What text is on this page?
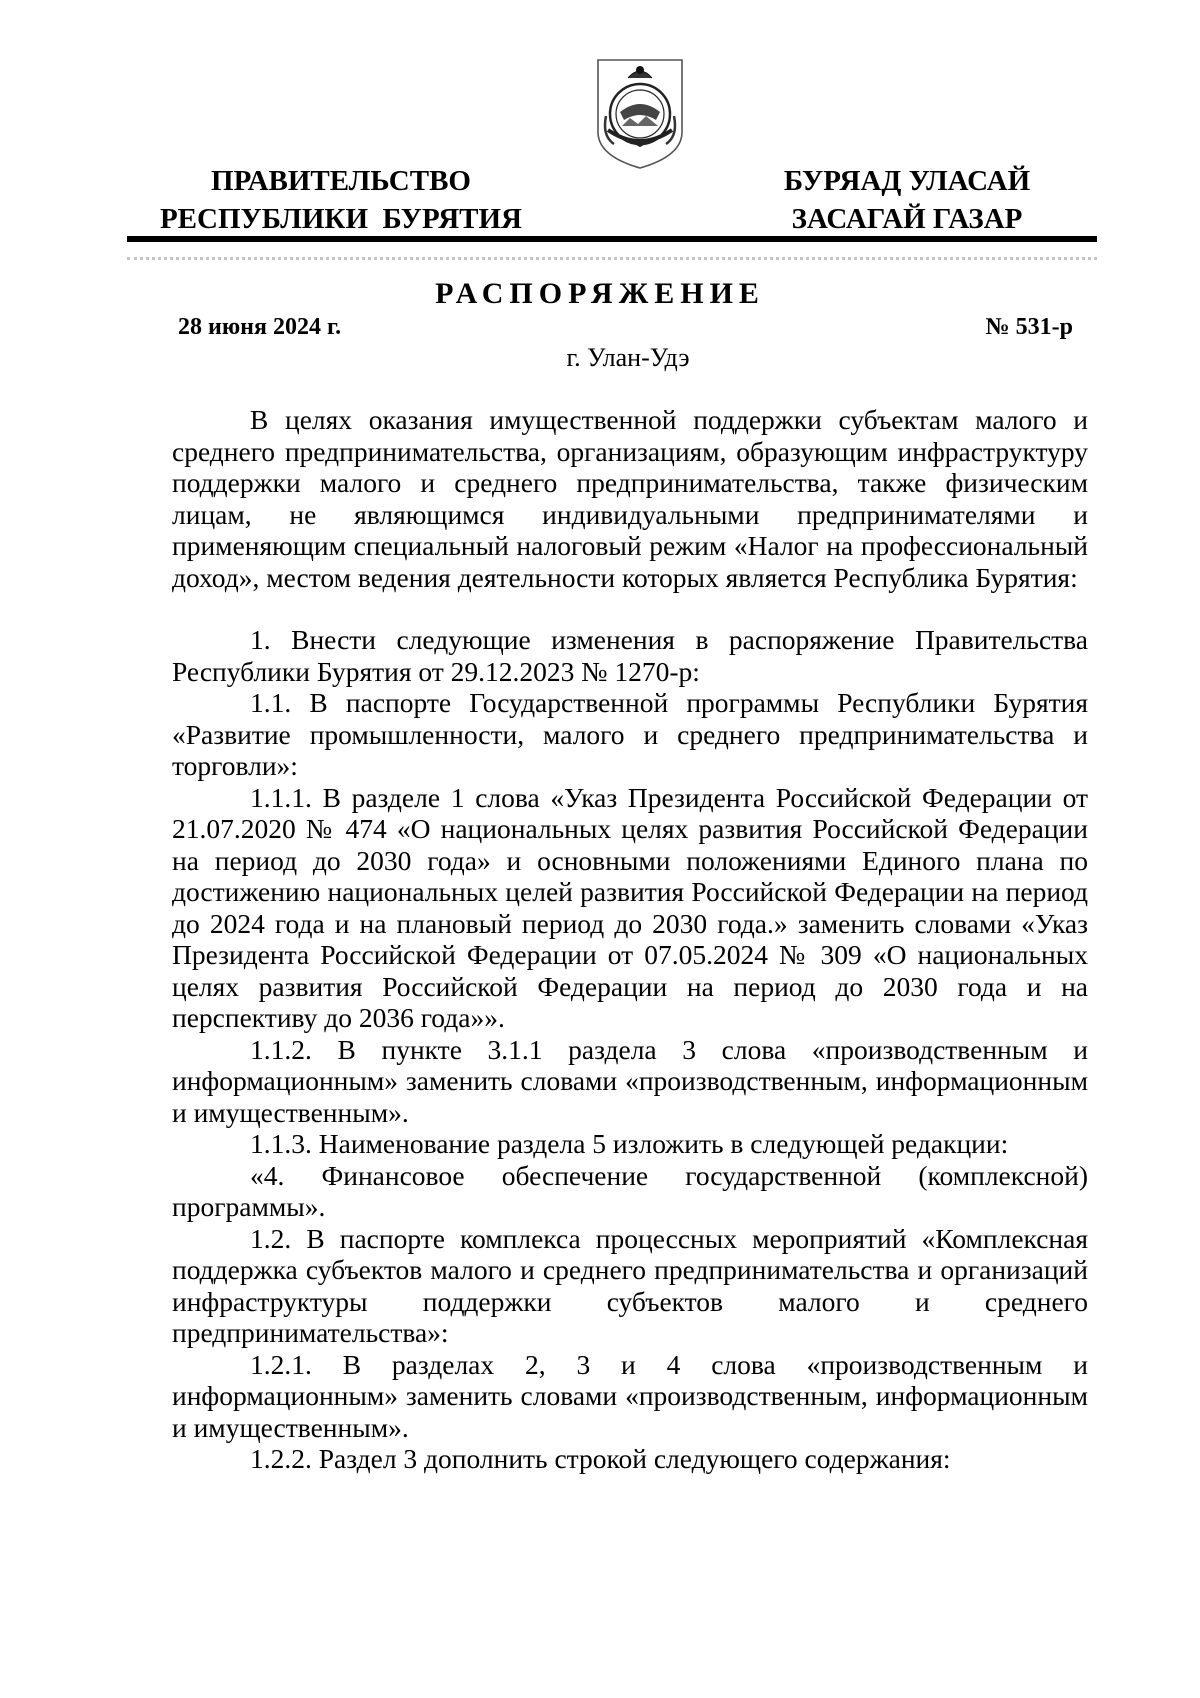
ПРАВИТЕЛЬСТВО
РЕСПУБЛИКИ  БУРЯТИЯ
БУРЯАД УЛАСАЙ
ЗАСАГАЙ ГАЗАР
РАСПОРЯЖЕНИЕ
28 июня 2024 г.	№ 531-р
г. Улан-Удэ

В целях оказания имущественной поддержки субъектам малого и среднего предпринимательства, организациям, образующим инфраструктуру поддержки малого и среднего предпринимательства, также физическим лицам, не являющимся индивидуальными предпринимателями и применяющим специальный налоговый режим «Налог на профессиональный доход», местом ведения деятельности которых является Республика Бурятия:

1. Внести следующие изменения в распоряжение Правительства Республики Бурятия от 29.12.2023 № 1270-р:

1.1. В паспорте Государственной программы Республики Бурятия «Развитие промышленности, малого и среднего предпринимательства и торговли»:

1.1.1. В разделе 1 слова «Указ Президента Российской Федерации от 21.07.2020 № 474 «О национальных целях развития Российской Федерации на период до 2030 года» и основными положениями Единого плана по достижению национальных целей развития Российской Федерации на период до 2024 года и на плановый период до 2030 года.» заменить словами «Указ Президента Российской Федерации от 07.05.2024 № 309 «О национальных целях развития Российской Федерации на период до 2030 года и на перспективу до 2036 года»».

1.1.2. В пункте 3.1.1 раздела 3 слова «производственным и информационным» заменить словами «производственным, информационным и имущественным».

1.1.3. Наименование раздела 5 изложить в следующей редакции:

«4. Финансовое обеспечение государственной (комплексной) программы».

1.2. В паспорте комплекса процессных мероприятий «Комплексная поддержка субъектов малого и среднего предпринимательства и организаций инфраструктуры поддержки субъектов малого и среднего предпринимательства»:

1.2.1. В разделах 2, 3 и 4 слова «производственным и информационным» заменить словами «производственным, информационным и имущественным».

1.2.2. Раздел 3 дополнить строкой следующего содержания:
